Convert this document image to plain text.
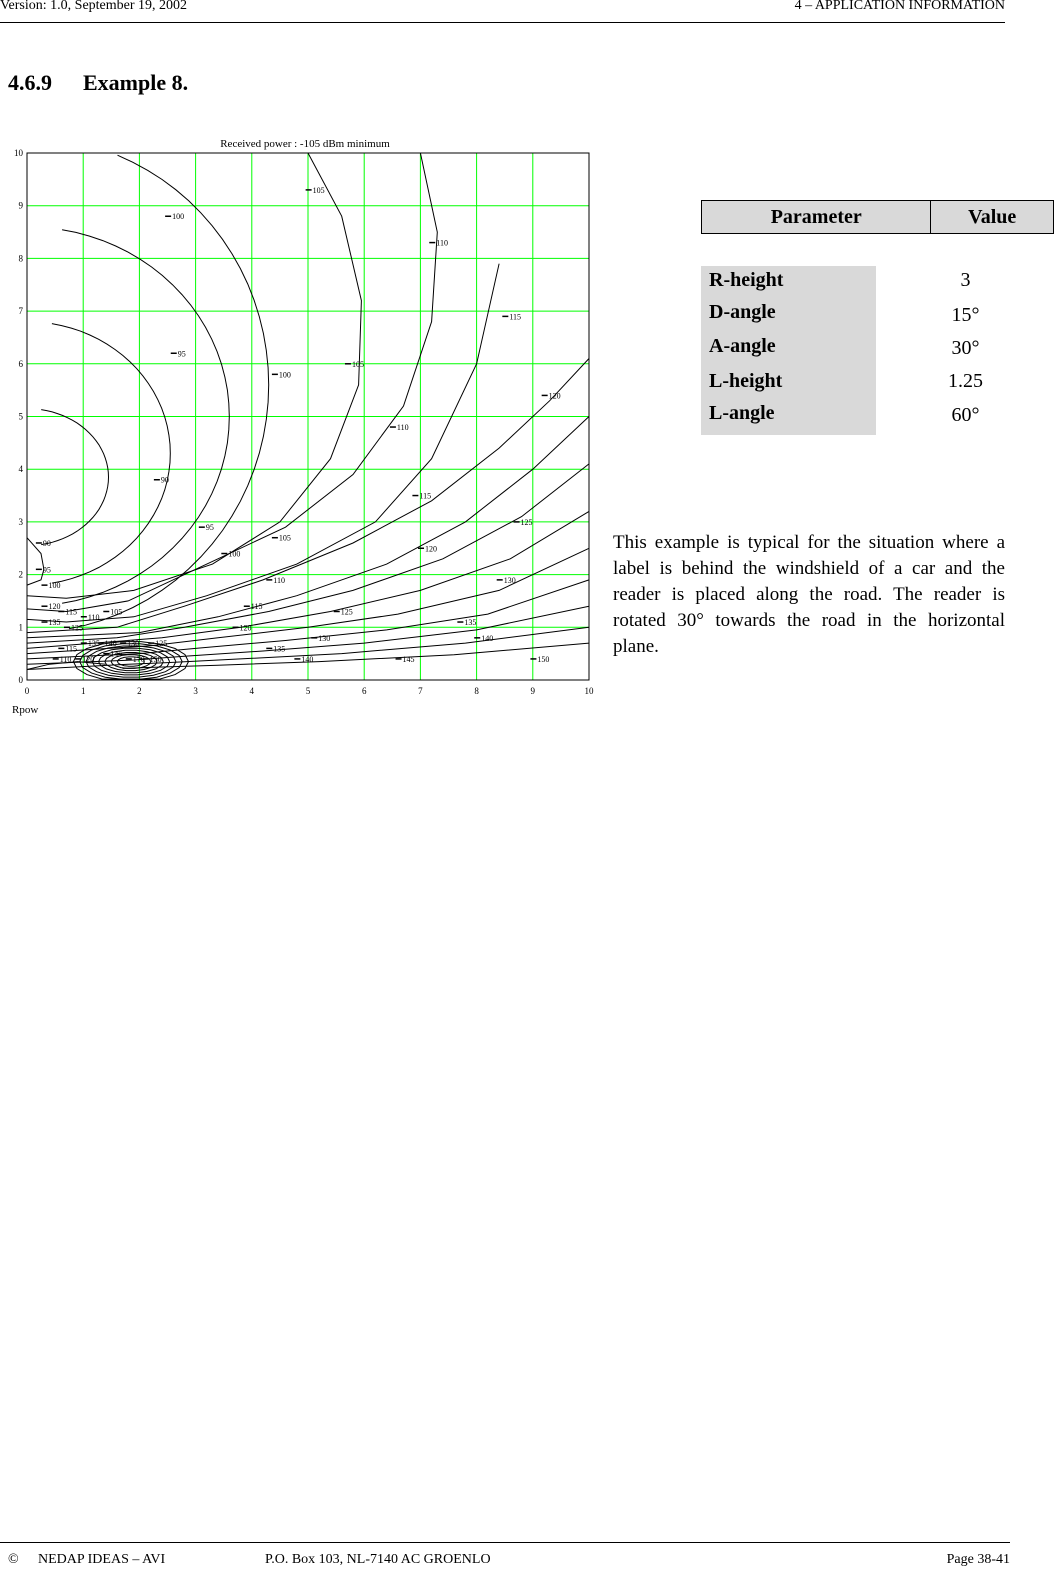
Version: 1.0, September 19, 2002	4 – APPLICATION INFORMATION
4.6.9 Example 8.
Received power : -105 dBm minimum
0	1	2	3	4	5	6	7	8	9	10
0
1
2
3
4
5
6
7
8
9
10
105
100
110
115
95
105
100
120
110
90
115
125
95
105
100
120
90
95
110	130
100
120
115
110
105
115
125
135	135
120
125
135 140 130 125
130	140
115
145
135
110 120	170 150	140	145	150
Rpow
Parameter	Value
R-height	3
D-angle	15°
A-angle	30°
L-height	1.25
L-angle	60°
This example is typical for the situation where a label is behind the windshield of a car and the reader is placed along the road. The reader is rotated 30° towards the road in the horizontal plane.
© NEDAP IDEAS – AVI	P.O. Box 103, NL-7140 AC GROENLO	Page 38-41
